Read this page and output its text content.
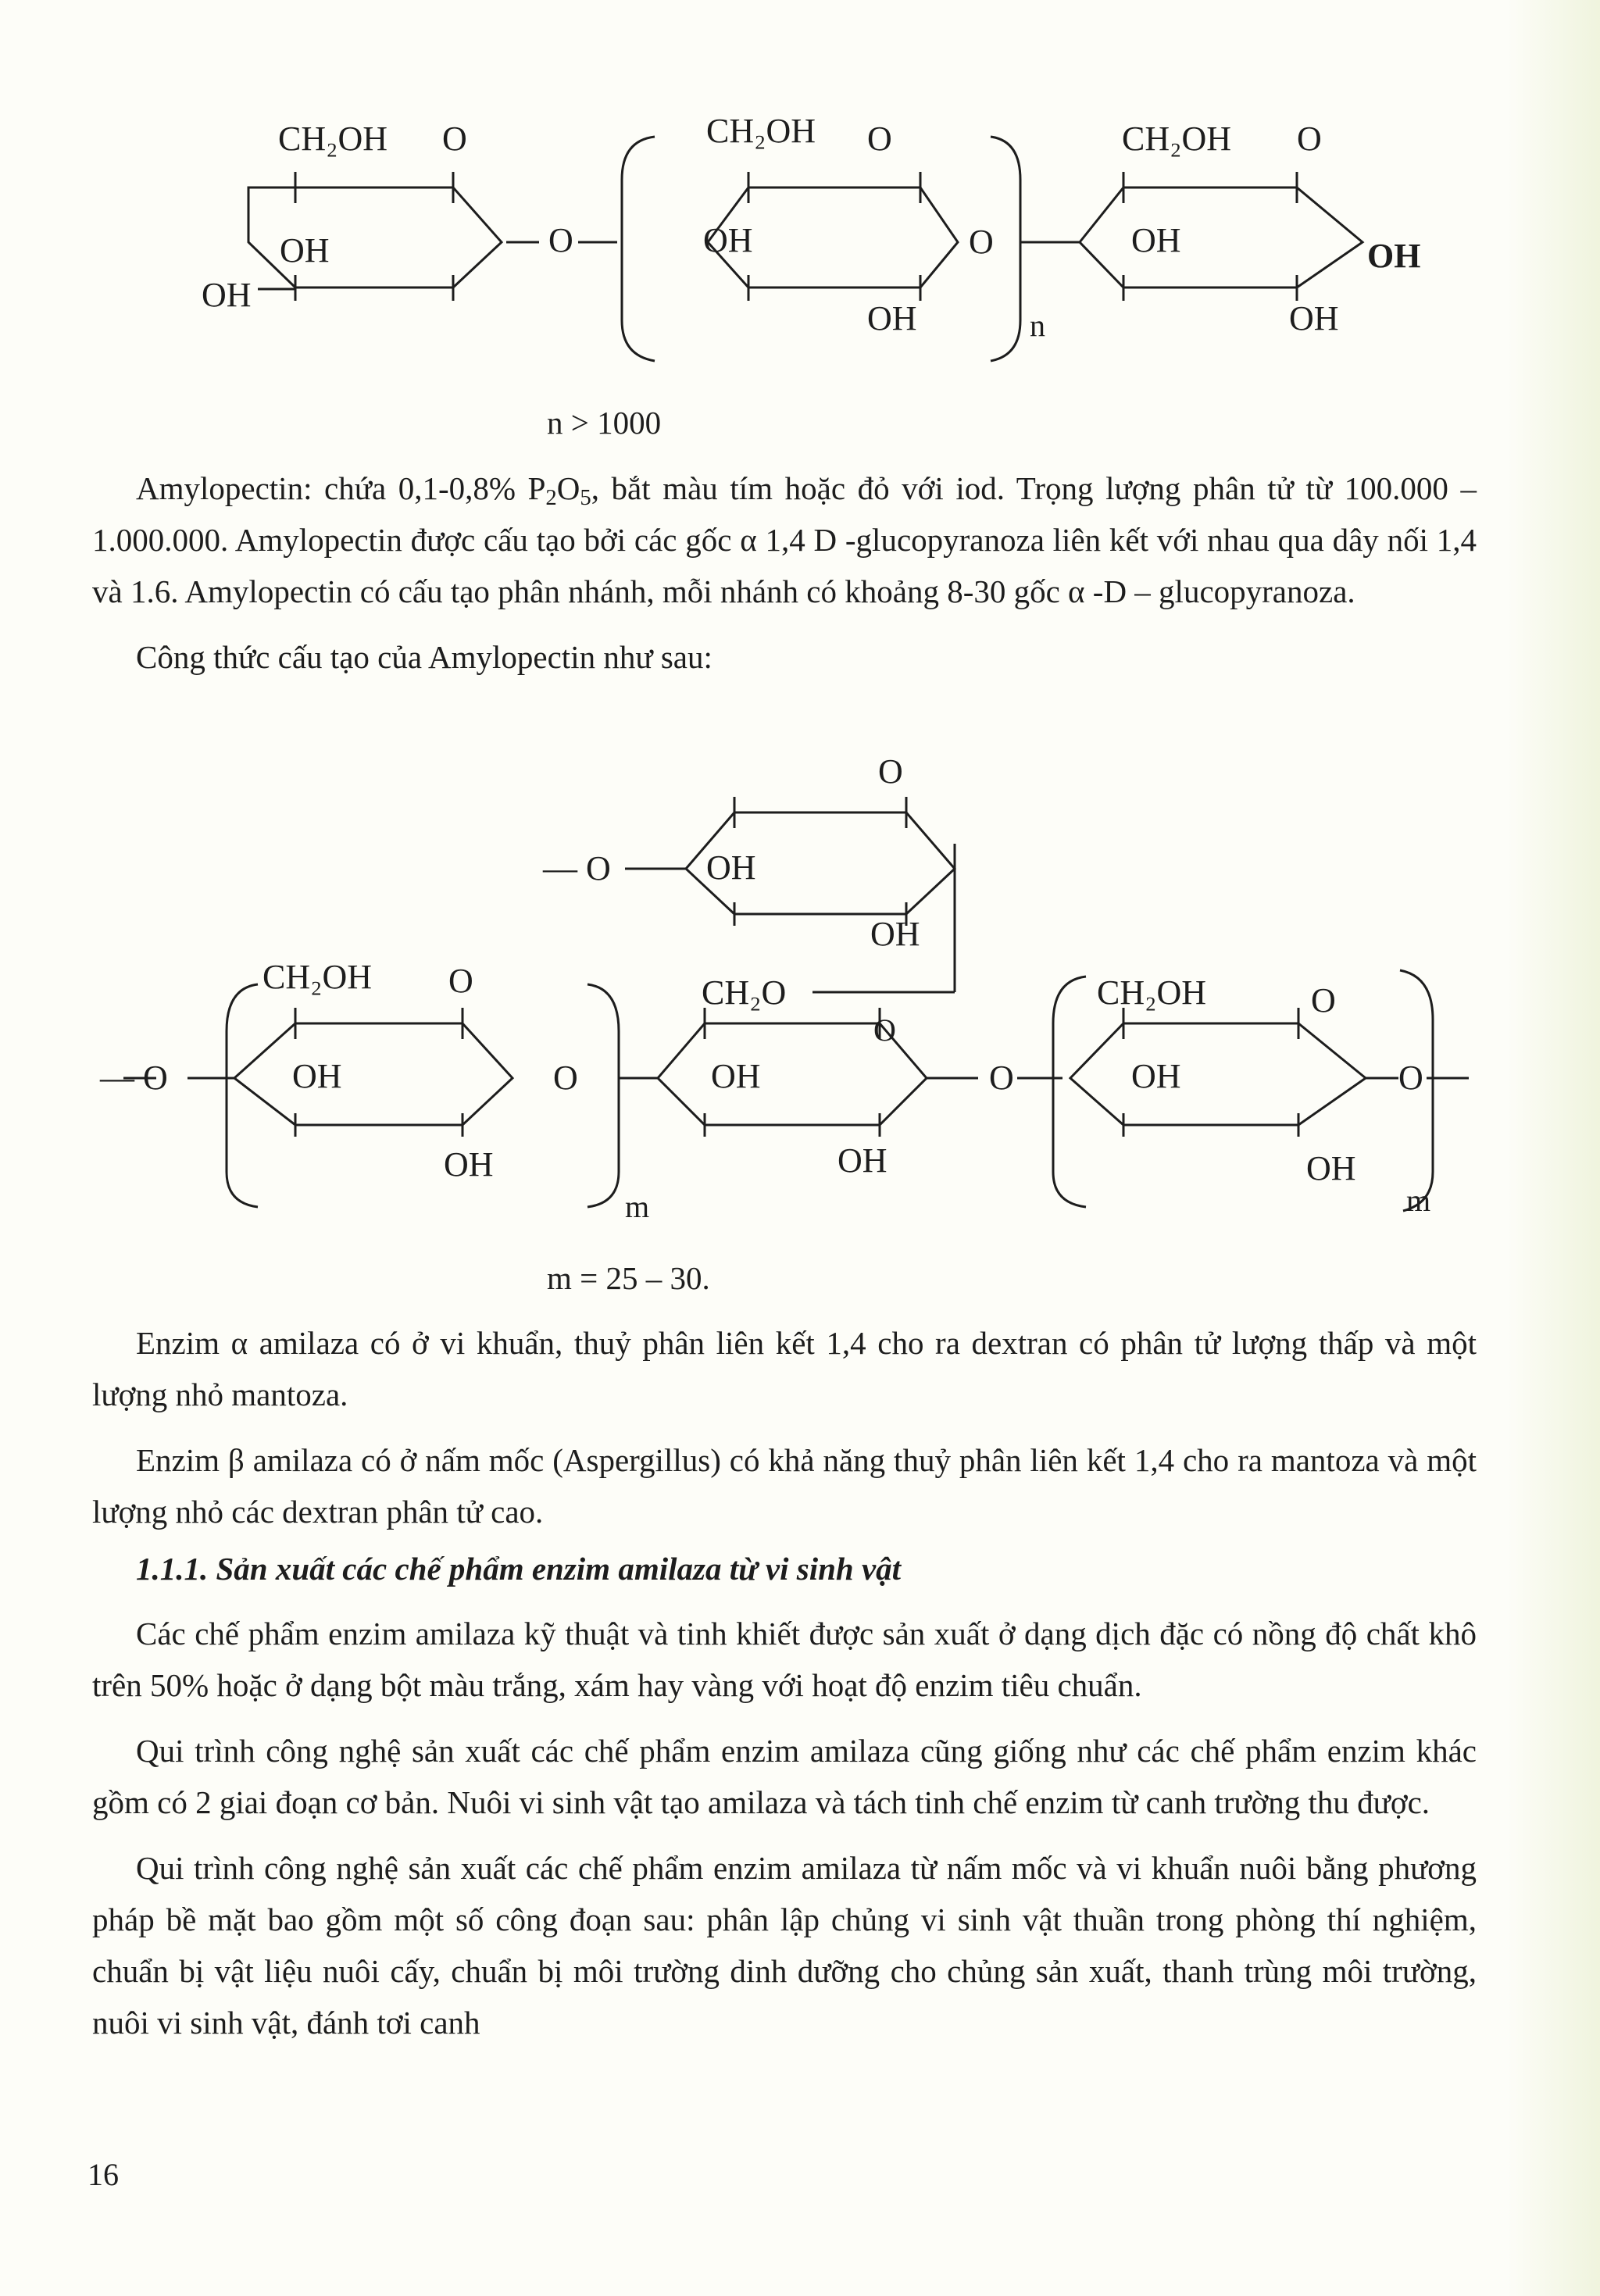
CH₂OH O
OH
OH
O
CH₂OH O
OH
OH
O
CH₂OH O
OH	OH
OH
n
n > 1000

Amylopectin: chứa 0,1-0,8% $P_2O_5$, bắt màu tím hoặc đỏ với iod. Trọng lượng phân tử từ 100.000 – 1.000.000. Amylopectin được cấu tạo bởi các gốc α 1,4 D -glucopyranoza liên kết với nhau qua dây nối 1,4 và 1.6. Amylopectin có cấu tạo phân nhánh, mỗi nhánh có khoảng 8-30 gốc α -D – glucopyranoza.

Công thức cấu tạo của Amylopectin như sau:

O
— O	OH
OH
CH₂OH O
— O	OH
OH
O
m
CH₂O
O
OH
OH
O
CH₂OH	O
OH
OH
O
m
m = 25 – 30.

Enzim α amilaza có ở vi khuẩn, thuỷ phân liên kết 1,4 cho ra dextran có phân tử lượng thấp và một lượng nhỏ mantoza.

Enzim β amilaza có ở nấm mốc (Aspergillus) có khả năng thuỷ phân liên kết 1,4 cho ra mantoza và một lượng nhỏ các dextran phân tử cao.

1.1.1. Sản xuất các chế phẩm enzim amilaza từ vi sinh vật

Các chế phẩm enzim amilaza kỹ thuật và tinh khiết được sản xuất ở dạng dịch đặc có nồng độ chất khô trên 50% hoặc ở dạng bột màu trắng, xám hay vàng với hoạt độ enzim tiêu chuẩn.

Qui trình công nghệ sản xuất các chế phẩm enzim amilaza cũng giống như các chế phẩm enzim khác gồm có 2 giai đoạn cơ bản. Nuôi vi sinh vật tạo amilaza và tách tinh chế enzim từ canh trường thu được.

Qui trình công nghệ sản xuất các chế phẩm enzim amilaza từ nấm mốc và vi khuẩn nuôi bằng phương pháp bề mặt bao gồm một số công đoạn sau: phân lập chủng vi sinh vật thuần trong phòng thí nghiệm, chuẩn bị vật liệu nuôi cấy, chuẩn bị môi trường dinh dưỡng cho chủng sản xuất, thanh trùng môi trường, nuôi vi sinh vật, đánh tơi canh

16
